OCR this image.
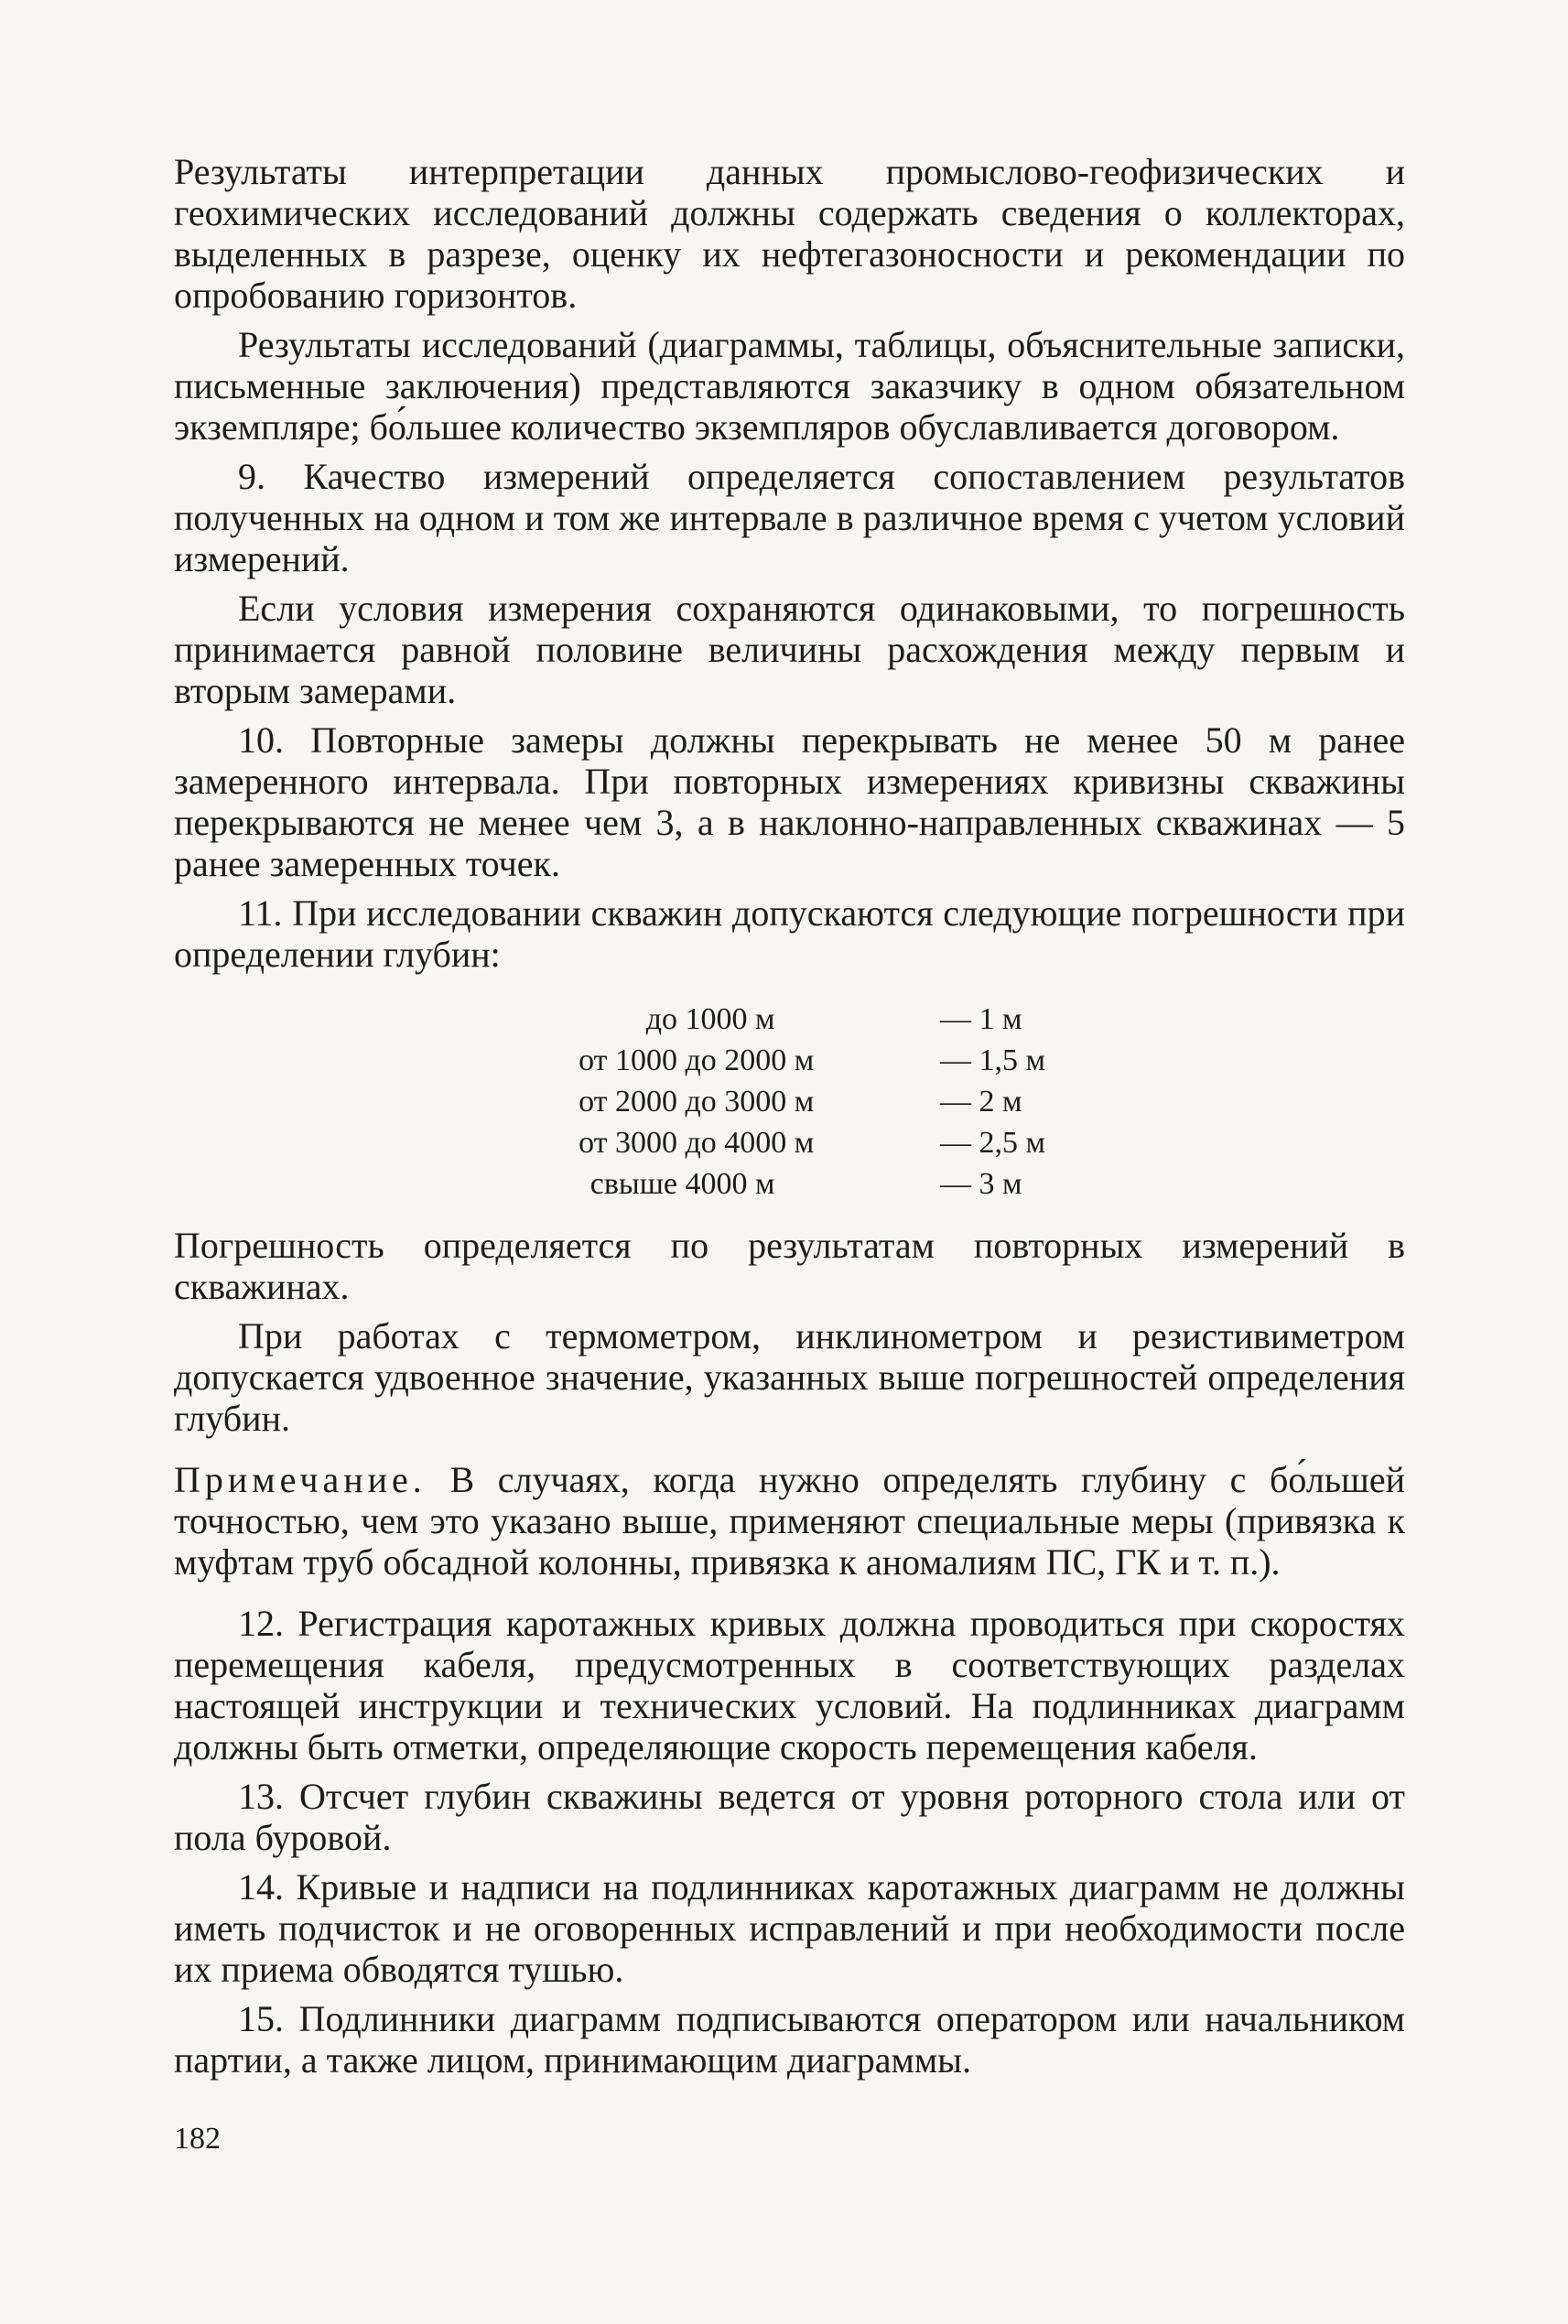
Результаты интерпретации данных промыслово-геофизических и геохимических исследований должны содержать сведения о коллекторах, выделенных в разрезе, оценку их нефтегазоносности и рекомендации по опробованию горизонтов.

Результаты исследований (диаграммы, таблицы, объяснительные записки, письменные заключения) представляются заказчику в одном обязательном экземпляре; бо́льшее количество экземпляров обуславливается договором.

9. Качество измерений определяется сопоставлением результатов полученных на одном и том же интервале в различное время с учетом условий измерений.

Если условия измерения сохраняются одинаковыми, то погрешность принимается равной половине величины расхождения между первым и вторым замерами.

10. Повторные замеры должны перекрывать не менее 50 м ранее замеренного интервала. При повторных измерениях кривизны скважины перекрываются не менее чем 3, а в наклонно-направленных скважинах — 5 ранее замеренных точек.

11. При исследовании скважин допускаются следующие погрешности при определении глубин:

до 1000 м	— 1 м
от 1000 до 2000 м	— 1,5 м
от 2000 до 3000 м	— 2 м
от 3000 до 4000 м	— 2,5 м
свыше 4000 м	— 3 м

Погрешность определяется по результатам повторных измерений в скважинах.

При работах с термометром, инклинометром и резистивиметром допускается удвоенное значение, указанных выше погрешностей определения глубин.

Примечание. В случаях, когда нужно определять глубину с бо́льшей точностью, чем это указано выше, применяют специальные меры (привязка к муфтам труб обсадной колонны, привязка к аномалиям ПС, ГК и т. п.).

12. Регистрация каротажных кривых должна проводиться при скоростях перемещения кабеля, предусмотренных в соответствующих разделах настоящей инструкции и технических условий. На подлинниках диаграмм должны быть отметки, определяющие скорость перемещения кабеля.

13. Отсчет глубин скважины ведется от уровня роторного стола или от пола буровой.

14. Кривые и надписи на подлинниках каротажных диаграмм не должны иметь подчисток и не оговоренных исправлений и при необходимости после их приема обводятся тушью.

15. Подлинники диаграмм подписываются оператором или начальником партии, а также лицом, принимающим диаграммы.

182
